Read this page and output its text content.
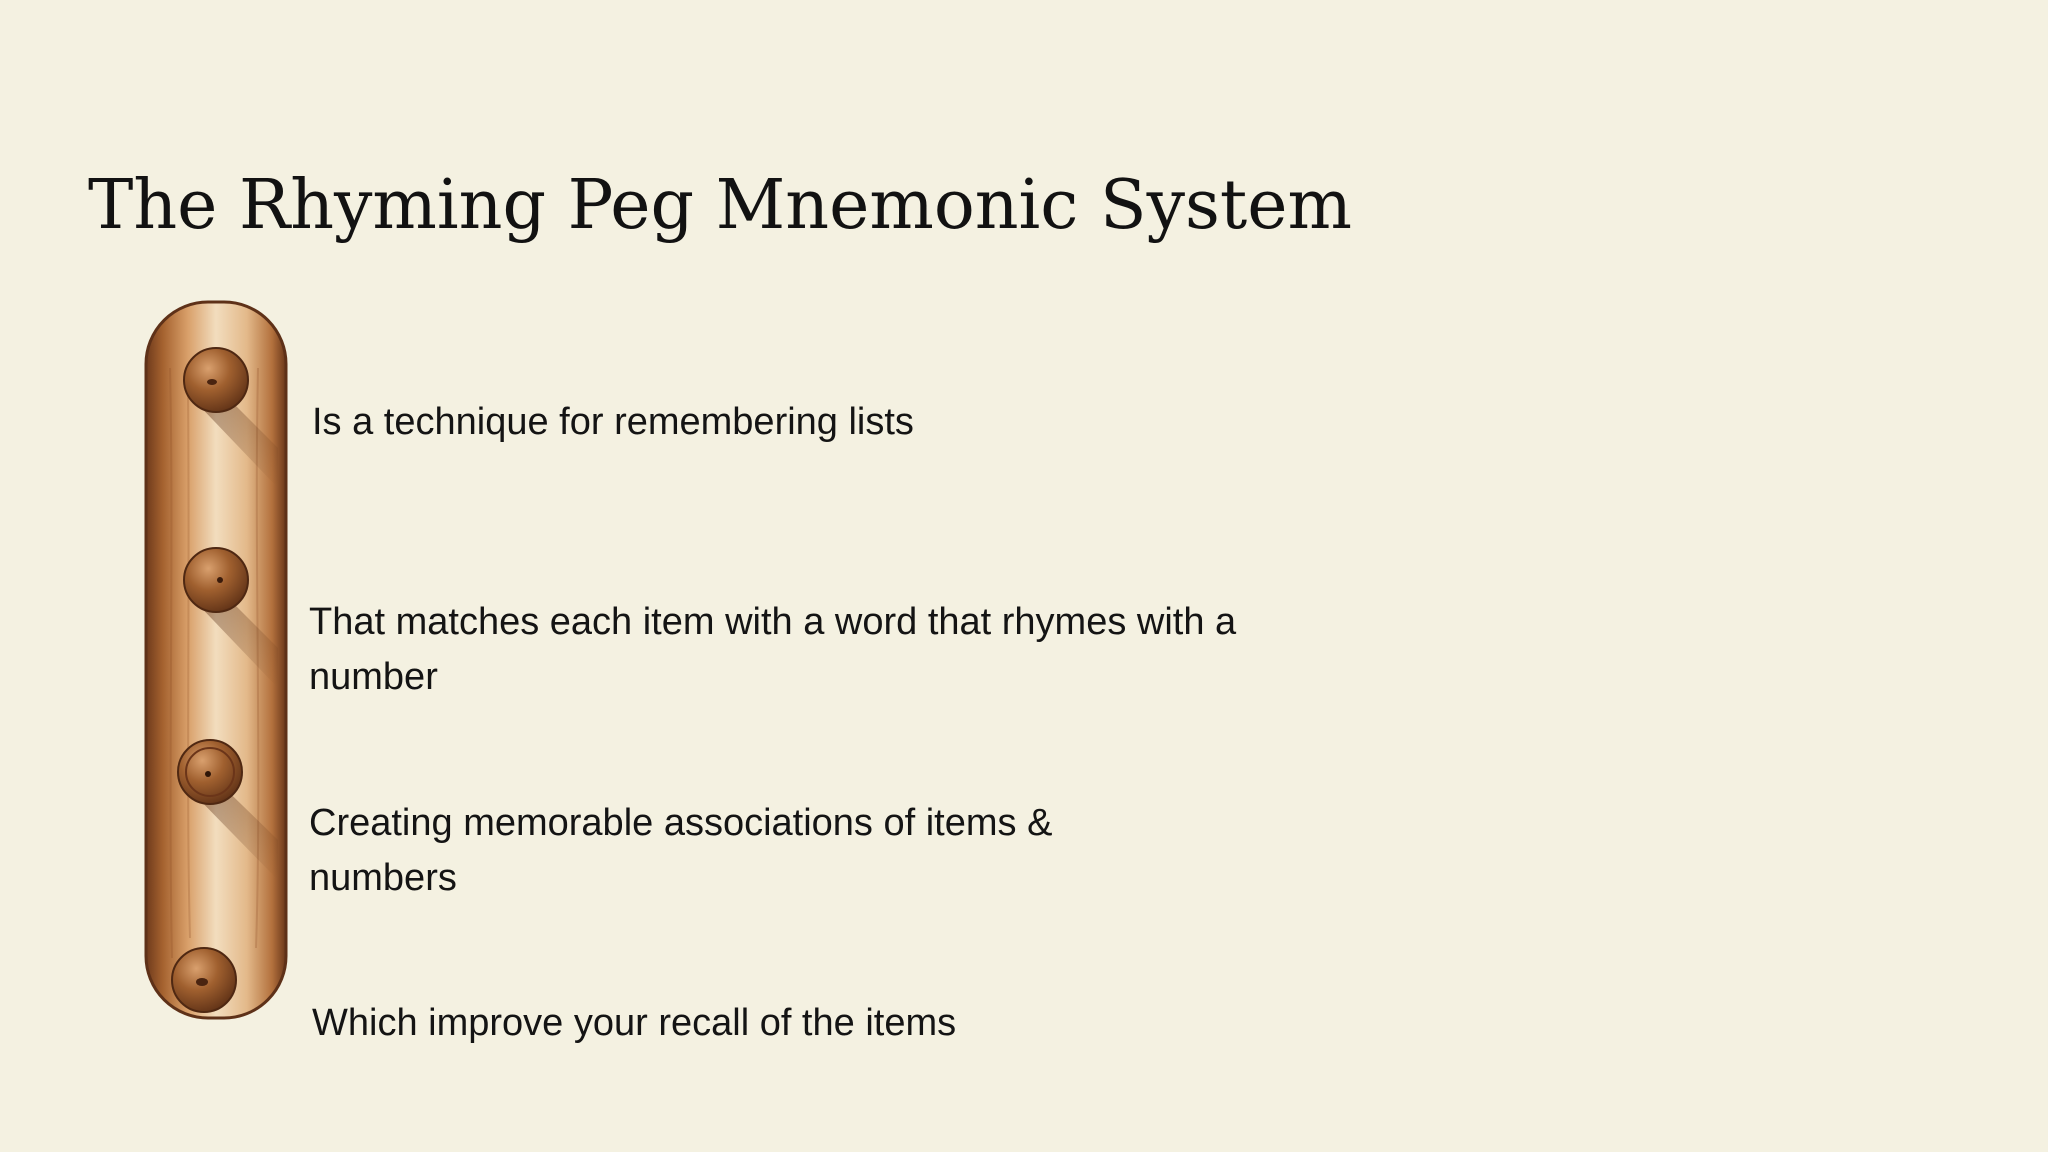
The Rhyming Peg Mnemonic System

Is a technique for remembering lists

That matches each item with a word that rhymes with a number

Creating memorable associations of items & numbers

Which improve your recall of the items
